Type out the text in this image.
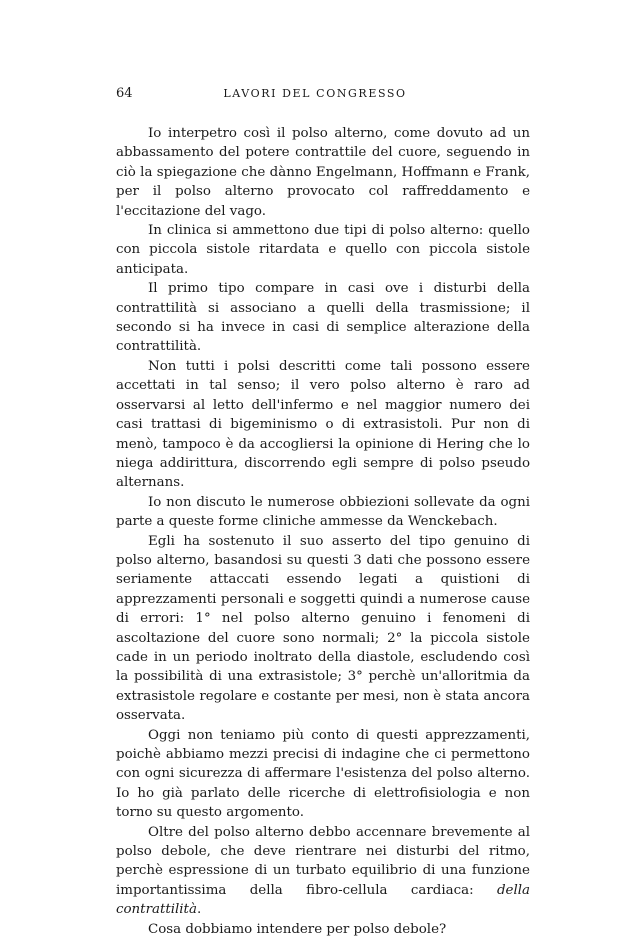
64	LAVORI DEL CONGRESSO

Io interpetro così il polso alterno, come dovuto ad un abbassamento del potere contrattile del cuore, seguendo in ciò la spiegazione che dànno Engelmann, Hoffmann e Frank, per il polso alterno provocato col raffreddamento e l'eccitazione del vago.

In clinica si ammettono due tipi di polso alterno: quello con piccola sistole ritardata e quello con piccola sistole anticipata.

Il primo tipo compare in casi ove i disturbi della contrattilità si associano a quelli della trasmissione; il secondo si ha invece in casi di semplice alterazione della contrattilità.

Non tutti i polsi descritti come tali possono essere accettati in tal senso; il vero polso alterno è raro ad osservarsi al letto dell'infermo e nel maggior numero dei casi trattasi di bigeminismo o di extrasistoli. Pur non di menò, tampoco è da accogliersi la opinione di Hering che lo niega addirittura, discorrendo egli sempre di polso pseudo alternans.

Io non discuto le numerose obbiezioni sollevate da ogni parte a queste forme cliniche ammesse da Wenckebach.

Egli ha sostenuto il suo asserto del tipo genuino di polso alterno, basandosi su questi 3 dati che possono essere seriamente attaccati essendo legati a quistioni di apprezzamenti personali e soggetti quindi a numerose cause di errori: 1° nel polso alterno genuino i fenomeni di ascoltazione del cuore sono normali; 2° la piccola sistole cade in un periodo inoltrato della diastole, escludendo così la possibilità di una extrasistole; 3° perchè un'alloritmia da extrasistole regolare e costante per mesi, non è stata ancora osservata.

Oggi non teniamo più conto di questi apprezzamenti, poichè abbiamo mezzi precisi di indagine che ci permettono con ogni sicurezza di affermare l'esistenza del polso alterno. Io ho già parlato delle ricerche di elettrofisiologia e non torno su questo argomento.

Oltre del polso alterno debbo accennare brevemente al polso debole, che deve rientrare nei disturbi del ritmo, perchè espressione di un turbato equilibrio di una funzione importantissima della fibro-cellula cardiaca: della contrattilità.

Cosa dobbiamo intendere per polso debole?
